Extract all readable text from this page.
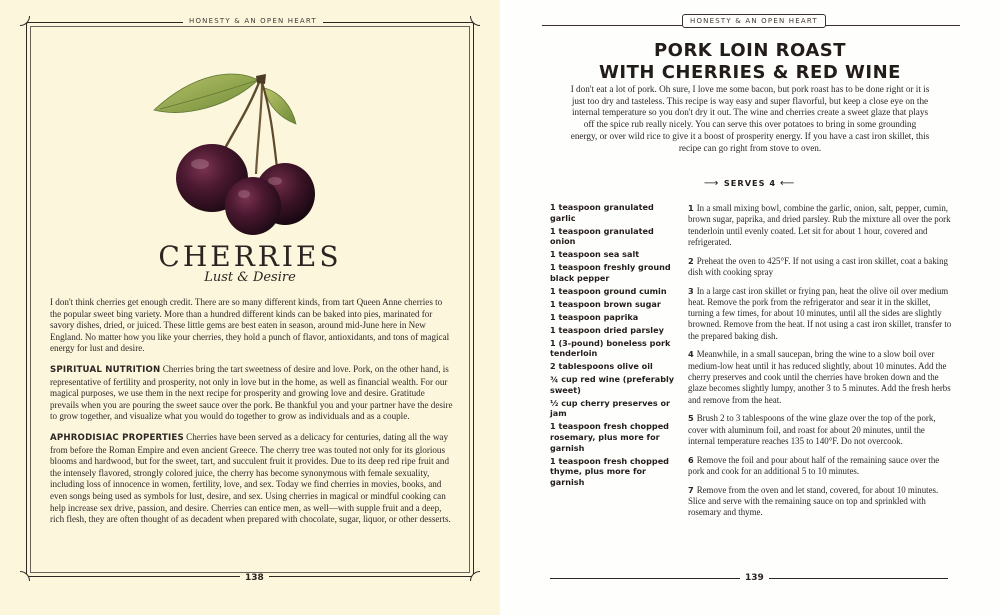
HONESTY & AN OPEN HEART
CHERRIES
Lust & Desire

I don't think cherries get enough credit. There are so many different kinds, from tart Queen Anne cherries to the popular sweet bing variety. More than a hundred different kinds can be baked into pies, marinated for savory dishes, dried, or juiced. These little gems are best eaten in season, around mid-June here in New England. No matter how you like your cherries, they hold a punch of flavor, antioxidants, and tons of magical energy for lust and desire.

SPIRITUAL NUTRITION Cherries bring the tart sweetness of desire and love. Pork, on the other hand, is representative of fertility and prosperity, not only in love but in the home, as well as financial wealth. For our magical purposes, we use them in the next recipe for prosperity and growing love and desire. Gratitude prevails when you are pouring the sweet sauce over the pork. Be thankful you and your partner have the desire to grow together, and visualize what you would do together to grow as individuals and as a couple.

APHRODISIAC PROPERTIES Cherries have been served as a delicacy for centuries, dating all the way from before the Roman Empire and even ancient Greece. The cherry tree was touted not only for its glorious blooms and hardwood, but for the sweet, tart, and succulent fruit it provides. Due to its deep red ripe fruit and the intensely flavored, strongly colored juice, the cherry has become synonymous with female sexuality, including loss of innocence in women, fertility, love, and sex. Today we find cherries in movies, books, and even songs being used as symbols for lust, desire, and sex. Using cherries in magical or mindful cooking can help increase sex drive, passion, and desire. Cherries can entice men, as well—with supple fruit and a deep, rich flesh, they are often thought of as decadent when prepared with chocolate, sugar, liquor, or other desserts.

138
HONESTY & AN OPEN HEART
PORK LOIN ROAST
WITH CHERRIES & RED WINE
I don't eat a lot of pork. Oh sure, I love me some bacon, but pork roast has to be done right or it is just too dry and tasteless. This recipe is way easy and super flavorful, but keep a close eye on the internal temperature so you don't dry it out. The wine and cherries create a sweet glaze that plays off the spice rub really nicely. You can serve this over potatoes to bring in some grounding energy, or over wild rice to give it a boost of prosperity energy. If you have a cast iron skillet, this recipe can go right from stove to oven.
⟶ SERVES 4 ⟵
1 teaspoon granulated garlic
1 teaspoon granulated onion
1 teaspoon sea salt
1 teaspoon freshly ground black pepper
1 teaspoon ground cumin
1 teaspoon brown sugar
1 teaspoon paprika
1 teaspoon dried parsley
1 (3-pound) boneless pork tenderloin
2 tablespoons olive oil
¾ cup red wine (preferably sweet)
½ cup cherry preserves or jam
1 teaspoon fresh chopped rosemary, plus more for garnish
1 teaspoon fresh chopped thyme, plus more for garnish
1 In a small mixing bowl, combine the garlic, onion, salt, pepper, cumin, brown sugar, paprika, and dried parsley. Rub the mixture all over the pork tenderloin until evenly coated. Let sit for about 1 hour, covered and refrigerated.
2 Preheat the oven to 425°F. If not using a cast iron skillet, coat a baking dish with cooking spray
3 In a large cast iron skillet or frying pan, heat the olive oil over medium heat. Remove the pork from the refrigerator and sear it in the skillet, turning a few times, for about 10 minutes, until all the sides are slightly browned. Remove from the heat. If not using a cast iron skillet, transfer to the prepared baking dish.
4 Meanwhile, in a small saucepan, bring the wine to a slow boil over medium-low heat until it has reduced slightly, about 10 minutes. Add the cherry preserves and cook until the cherries have broken down and the glaze becomes slightly lumpy, another 3 to 5 minutes. Add the fresh herbs and remove from the heat.
5 Brush 2 to 3 tablespoons of the wine glaze over the top of the pork, cover with aluminum foil, and roast for about 20 minutes, until the internal temperature reaches 135 to 140°F. Do not overcook.
6 Remove the foil and pour about half of the remaining sauce over the pork and cook for an additional 5 to 10 minutes.
7 Remove from the oven and let stand, covered, for about 10 minutes. Slice and serve with the remaining sauce on top and sprinkled with rosemary and thyme.
139
